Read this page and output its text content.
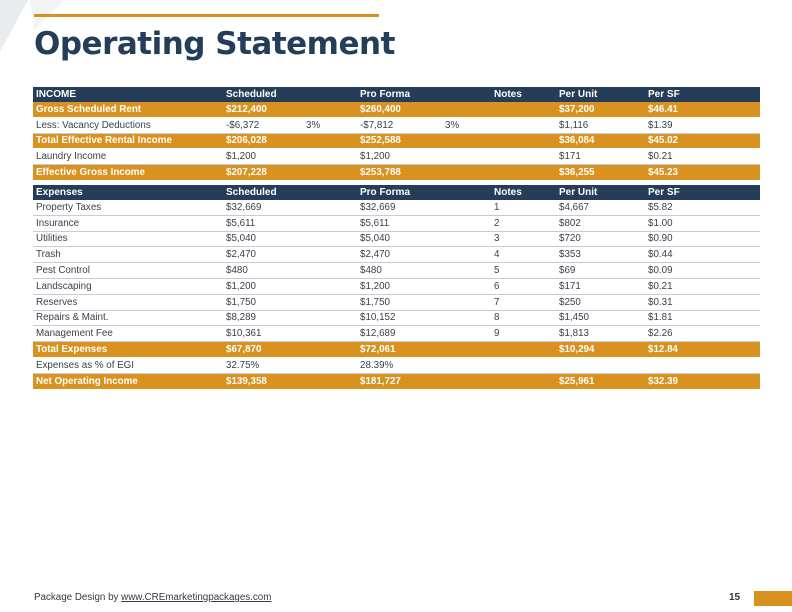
Operating Statement
INCOME	Scheduled		Pro Forma		Notes	Per Unit	Per SF
Gross Scheduled Rent	$212,400		$260,400			$37,200	$46.41
Less: Vacancy Deductions	-$6,372	3%	-$7,812	3%		$1,116	$1.39
Total Effective Rental Income	$206,028		$252,588			$36,084	$45.02
Laundry Income	$1,200		$1,200			$171	$0.21
Effective Gross Income	$207,228		$253,788			$36,255	$45.23
Expenses	Scheduled		Pro Forma		Notes	Per Unit	Per SF
Property Taxes	$32,669		$32,669		1	$4,667	$5.82
Insurance	$5,611		$5,611		2	$802	$1.00
Utilities	$5,040		$5,040		3	$720	$0.90
Trash	$2,470		$2,470		4	$353	$0.44
Pest Control	$480		$480		5	$69	$0.09
Landscaping	$1,200		$1,200		6	$171	$0.21
Reserves	$1,750		$1,750		7	$250	$0.31
Repairs & Maint.	$8,289		$10,152		8	$1,450	$1.81
Management Fee	$10,361		$12,689		9	$1,813	$2.26
Total Expenses	$67,870		$72,061			$10,294	$12.84
Expenses as % of EGI	32.75%		28.39%				
Net Operating Income	$139,358		$181,727			$25,961	$32.39
Package Design by www.CREmarketingpackages.com	15
